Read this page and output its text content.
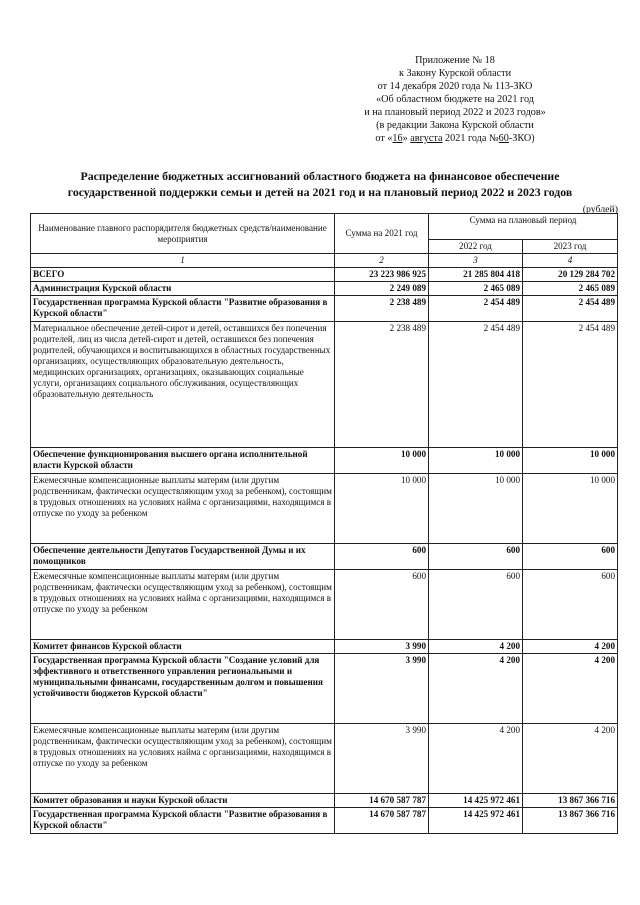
Приложение № 18
к Закону Курской области
от 14 декабря 2020 года № 113-ЗКО
«Об областном бюджете на 2021 год
и на плановый период 2022 и 2023 годов»
(в редакции Закона Курской области
от «16» августа 2021 года №60-ЗКО)
Распределение бюджетных ассигнований областного бюджета на финансовое обеспечение
государственной поддержки семьи и детей на 2021 год и на плановый период 2022 и 2023 годов
(рублей)
Наименование главного распорядителя бюджетных средств/наименование мероприятия	Сумма на 2021 год	Сумма на плановый период	
		2022 год	2023 год
1	2	3	4
ВСЕГО	23 223 986 925	21 285 804 418	20 129 284 702
Администрация Курской области	2 249 089	2 465 089	2 465 089
Государственная программа Курской области "Развитие образования в Курской области"	2 238 489	2 454 489	2 454 489
Материальное обеспечение детей-сирот и детей, оставшихся без попечения родителей, лиц из числа детей-сирот и детей, оставшихся без попечения родителей, обучающихся и воспитывающихся в областных государственных организациях, осуществляющих образовательную деятельность, медицинских организациях, организациях, оказывающих социальные услуги, организациях социального обслуживания, осуществляющих образовательную деятельность	2 238 489	2 454 489	2 454 489
Обеспечение функционирования высшего органа исполнительной власти Курской области	10 000	10 000	10 000
Ежемесячные компенсационные выплаты матерям (или другим родственникам, фактически осуществляющим уход за ребенком), состоящим в трудовых отношениях на условиях найма с организациями, находящимся в отпуске по уходу за ребенком	10 000	10 000	10 000
Обеспечение деятельности Депутатов Государственной Думы и их помощников	600	600	600
Ежемесячные компенсационные выплаты матерям (или другим родственникам, фактически осуществляющим уход за ребенком), состоящим в трудовых отношениях на условиях найма с организациями, находящимся в отпуске по уходу за ребенком	600	600	600
Комитет финансов Курской области	3 990	4 200	4 200
Государственная программа Курской области "Создание условий для эффективного и ответственного управления региональными и муниципальными финансами, государственным долгом и повышения устойчивости бюджетов Курской области"	3 990	4 200	4 200
Ежемесячные компенсационные выплаты матерям (или другим родственникам, фактически осуществляющим уход за ребенком), состоящим в трудовых отношениях на условиях найма с организациями, находящимся в отпуске по уходу за ребенком	3 990	4 200	4 200
Комитет образования и науки Курской области	14 670 587 787	14 425 972 461	13 867 366 716
Государственная программа Курской области "Развитие образования в Курской области"	14 670 587 787	14 425 972 461	13 867 366 716
